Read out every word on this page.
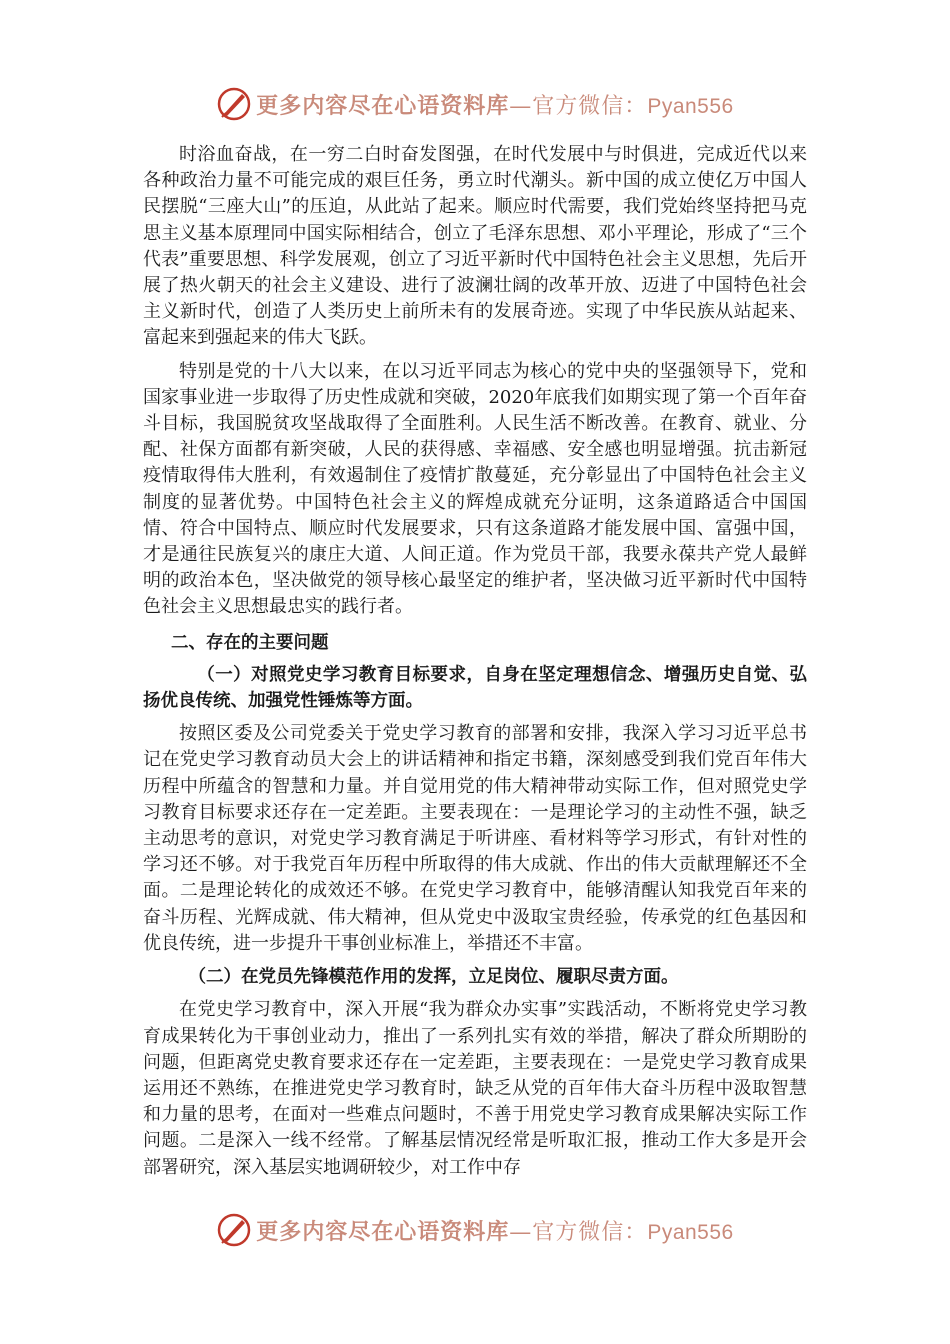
更多内容尽在心语资料库—官方微信：Pyan556

时浴血奋战，在一穷二白时奋发图强，在时代发展中与时俱进，完成近代以来各种政治力量不可能完成的艰巨任务，勇立时代潮头。新中国的成立使亿万中国人民摆脱“三座大山”的压迫，从此站了起来。顺应时代需要，我们党始终坚持把马克思主义基本原理同中国实际相结合，创立了毛泽东思想、邓小平理论，形成了“三个代表”重要思想、科学发展观，创立了习近平新时代中国特色社会主义思想，先后开展了热火朝天的社会主义建设、进行了波澜壮阔的改革开放、迈进了中国特色社会主义新时代，创造了人类历史上前所未有的发展奇迹。实现了中华民族从站起来、富起来到强起来的伟大飞跃。

特别是党的十八大以来，在以习近平同志为核心的党中央的坚强领导下，党和国家事业进一步取得了历史性成就和突破，2020年底我们如期实现了第一个百年奋斗目标，我国脱贫攻坚战取得了全面胜利。人民生活不断改善。在教育、就业、分配、社保方面都有新突破，人民的获得感、幸福感、安全感也明显增强。抗击新冠疫情取得伟大胜利，有效遏制住了疫情扩散蔓延，充分彰显出了中国特色社会主义制度的显著优势。中国特色社会主义的辉煌成就充分证明，这条道路适合中国国情、符合中国特点、顺应时代发展要求，只有这条道路才能发展中国、富强中国，才是通往民族复兴的康庄大道、人间正道。作为党员干部，我要永葆共产党人最鲜明的政治本色，坚决做党的领导核心最坚定的维护者，坚决做习近平新时代中国特色社会主义思想最忠实的践行者。

二、存在的主要问题

（一）对照党史学习教育目标要求，自身在坚定理想信念、增强历史自觉、弘扬优良传统、加强党性锤炼等方面。

按照区委及公司党委关于党史学习教育的部署和安排，我深入学习习近平总书记在党史学习教育动员大会上的讲话精神和指定书籍，深刻感受到我们党百年伟大历程中所蕴含的智慧和力量。并自觉用党的伟大精神带动实际工作，但对照党史学习教育目标要求还存在一定差距。主要表现在：一是理论学习的主动性不强，缺乏主动思考的意识，对党史学习教育满足于听讲座、看材料等学习形式，有针对性的学习还不够。对于我党百年历程中所取得的伟大成就、作出的伟大贡献理解还不全面。二是理论转化的成效还不够。在党史学习教育中，能够清醒认知我党百年来的奋斗历程、光辉成就、伟大精神，但从党史中汲取宝贵经验，传承党的红色基因和优良传统，进一步提升干事创业标准上，举措还不丰富。

（二）在党员先锋模范作用的发挥，立足岗位、履职尽责方面。

在党史学习教育中，深入开展“我为群众办实事”实践活动，不断将党史学习教育成果转化为干事创业动力，推出了一系列扎实有效的举措，解决了群众所期盼的问题，但距离党史教育要求还存在一定差距，主要表现在：一是党史学习教育成果运用还不熟练，在推进党史学习教育时，缺乏从党的百年伟大奋斗历程中汲取智慧和力量的思考，在面对一些难点问题时，不善于用党史学习教育成果解决实际工作问题。二是深入一线不经常。了解基层情况经常是听取汇报，推动工作大多是开会部署研究，深入基层实地调研较少，对工作中存

更多内容尽在心语资料库—官方微信：Pyan556
